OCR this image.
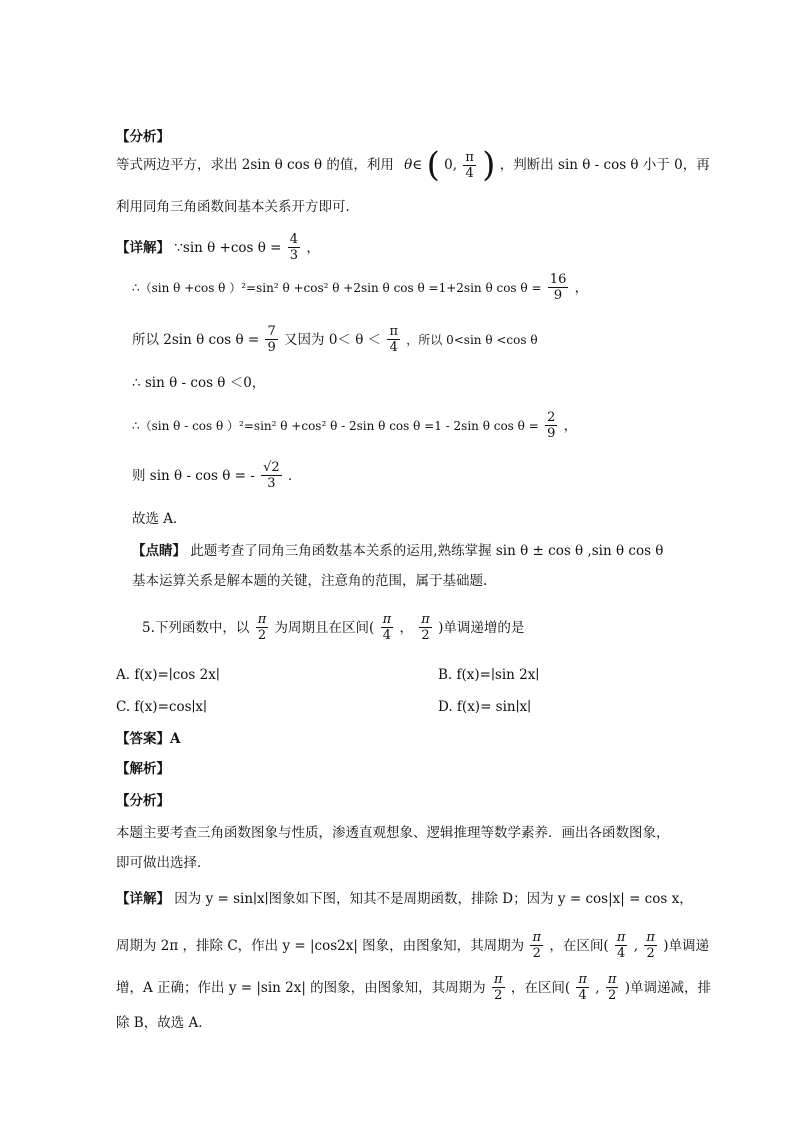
【分析】
等式两边平方，求出 2sin θ cos θ 的值，利用 θ∈ ( 0, $\frac{\pi}{4}$ ) ，判断出 sin θ - cos θ 小于 0，再
利用同角三角函数间基本关系开方即可．
【详解】 ∵sin θ +cos $\theta = \frac{4}{3}$ ，
∴（sin θ +cos θ ）²=sin² θ +cos² θ +2sin θ cos θ =1+2sin θ $\cos \theta = \frac{16}{9}$ ，
所以 2sin θ $\cos \theta = \frac{7}{9}$ 又因为 $0< \theta < \frac{\pi}{4}$ ，所以 0<sin θ <cos θ
∴ sin θ - cos θ ＜0，
∴（sin θ - cos θ ）²=sin² θ +cos² θ - 2sin θ cos θ =1 - 2sin θ $\cos \theta = \frac{2}{9}$ ，
则 sin θ - cos θ = - $\frac{√2}{3}$ ．
故选 A．
【点睛】 此题考查了同角三角函数基本关系的运用,熟练掌握 sin θ ± cos θ ,sin θ cos θ
基本运算关系是解本题的关键，注意角的范围，属于基础题.
5.下列函数中，以 $\frac{\pi}{2}$ 为周期且在区间( $\frac{\pi}{4}$ ， $\frac{\pi}{2}$ )单调递增的是
A. f(x)=∣cos 2x∣	B. f(x)=∣sin 2x∣
C. f(x)=cos∣x∣	D. f(x)= sin∣x∣
【答案】A
【解析】
【分析】
本题主要考查三角函数图象与性质，渗透直观想象、逻辑推理等数学素养．画出各函数图象，
即可做出选择．
【详解】 因为 y = sin∣x∣图象如下图，知其不是周期函数，排除 D；因为 y = cos|x| = cos x，
周期为 2π ，排除 C，作出 y = |cos2x| 图象，由图象知，其周期为 $\frac{\pi}{2}$ ，在区间( $\frac{\pi}{4}$ , $\frac{\pi}{2}$ )单调递
增，A 正确；作出 y = |sin 2x| 的图象，由图象知，其周期为 $\frac{\pi}{2}$ ，在区间( $\frac{\pi}{4}$ , $\frac{\pi}{2}$ )单调递减，排
除 B，故选 A．
